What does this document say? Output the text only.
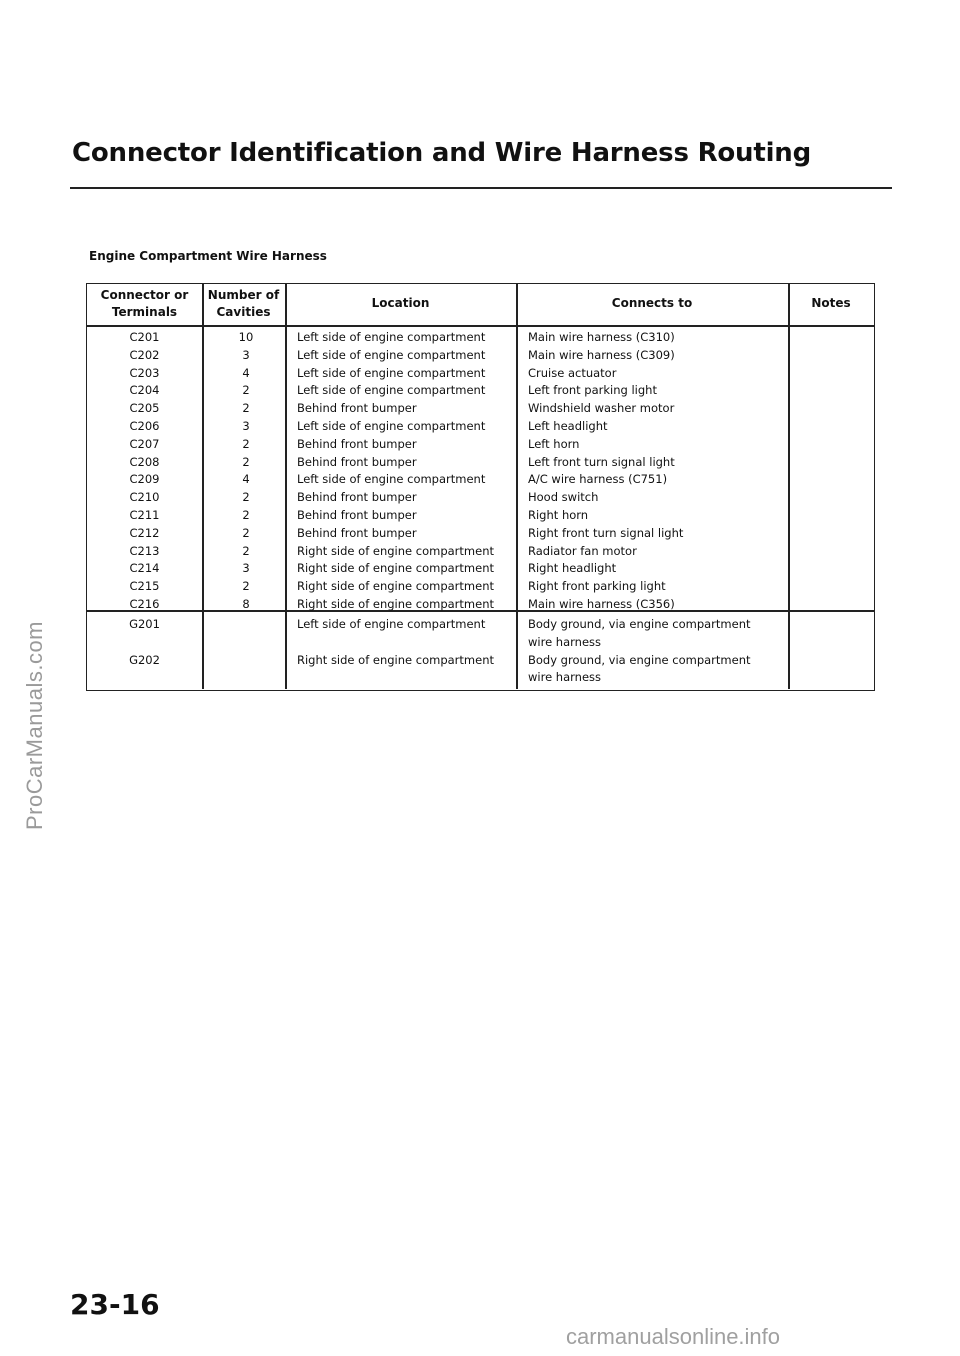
ProCarManuals.com
Connector Identification and Wire Harness Routing
Engine Compartment Wire Harness
Connector or
Terminals
Number of
Cavities
Location	Connects to	Notes
C201
C202
C203
C204
C205
C206
C207
C208
C209
C210
C211
C212
C213
C214
C215
C216
10
3
4
2
2
3
2
2
4
2
2
2
2
3
2
8
Left side of engine compartment
Left side of engine compartment
Left side of engine compartment
Left side of engine compartment
Behind front bumper
Left side of engine compartment
Behind front bumper
Behind front bumper
Left side of engine compartment
Behind front bumper
Behind front bumper
Behind front bumper
Right side of engine compartment
Right side of engine compartment
Right side of engine compartment
Right side of engine compartment
Main wire harness (C310)
Main wire harness (C309)
Cruise actuator
Left front parking light
Windshield washer motor
Left headlight
Left horn
Left front turn signal light
A/C wire harness (C751)
Hood switch
Right horn
Right front turn signal light
Radiator fan motor
Right headlight
Right front parking light
Main wire harness (C356)
G201
G202
Left side of engine compartment
Right side of engine compartment
Body ground, via engine compartment
wire harness
Body ground, via engine compartment
wire harness
23-16
carmanualsonline.info
